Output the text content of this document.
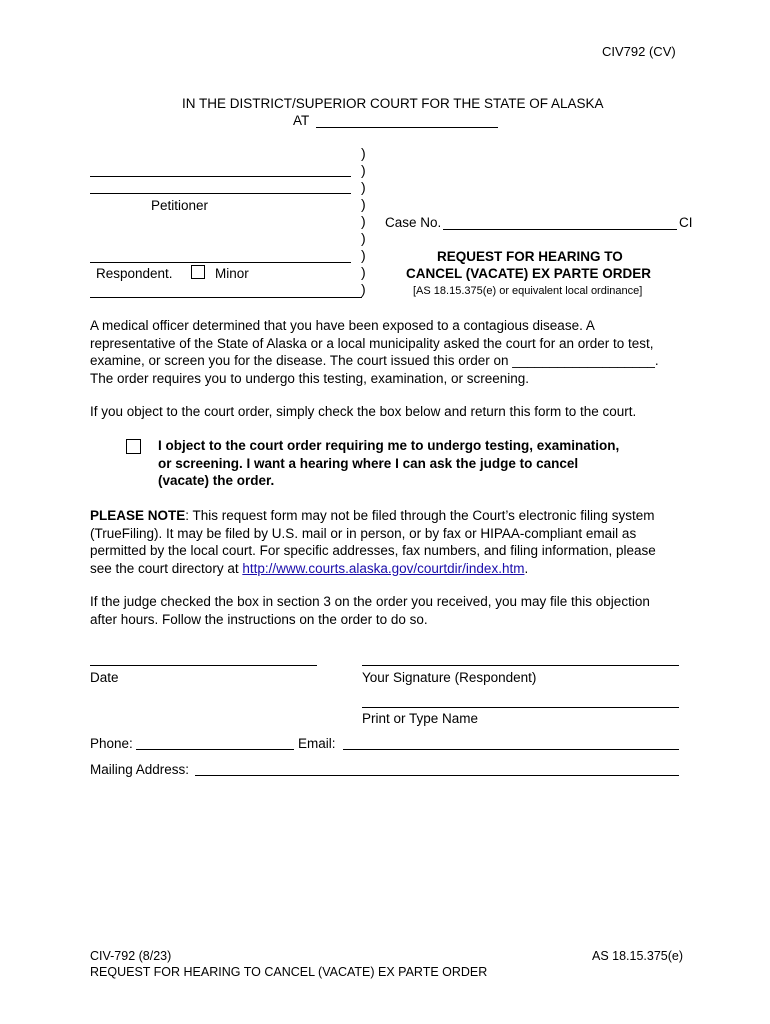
CIV792 (CV)
IN THE DISTRICT/SUPERIOR COURT FOR THE STATE OF ALASKA
AT
Petitioner
Respondent.	Minor
)
)
)
)
)
)
)
)
)
Case No.	CI
REQUEST FOR HEARING TO
CANCEL (VACATE) EX PARTE ORDER
[AS 18.15.375(e) or equivalent local ordinance]
A medical officer determined that you have been exposed to a contagious disease. A
representative of the State of Alaska or a local municipality asked the court for an order to test,
examine, or screen you for the disease. The court issued this order on ___________________.
The order requires you to undergo this testing, examination, or screening.
If you object to the court order, simply check the box below and return this form to the court.
I object to the court order requiring me to undergo testing, examination,
or screening. I want a hearing where I can ask the judge to cancel
(vacate) the order.
PLEASE NOTE: This request form may not be filed through the Court’s electronic filing system
(TrueFiling). It may be filed by U.S. mail or in person, or by fax or HIPAA-compliant email as
permitted by the local court. For specific addresses, fax numbers, and filing information, please
see the court directory at http://www.courts.alaska.gov/courtdir/index.htm.
If the judge checked the box in section 3 on the order you received, you may file this objection
after hours. Follow the instructions on the order to do so.
Date	Your Signature (Respondent)
Print or Type Name
Phone:	Email:
Mailing Address:
CIV-792 (8/23)
REQUEST FOR HEARING TO CANCEL (VACATE) EX PARTE ORDER
AS 18.15.375(e)
